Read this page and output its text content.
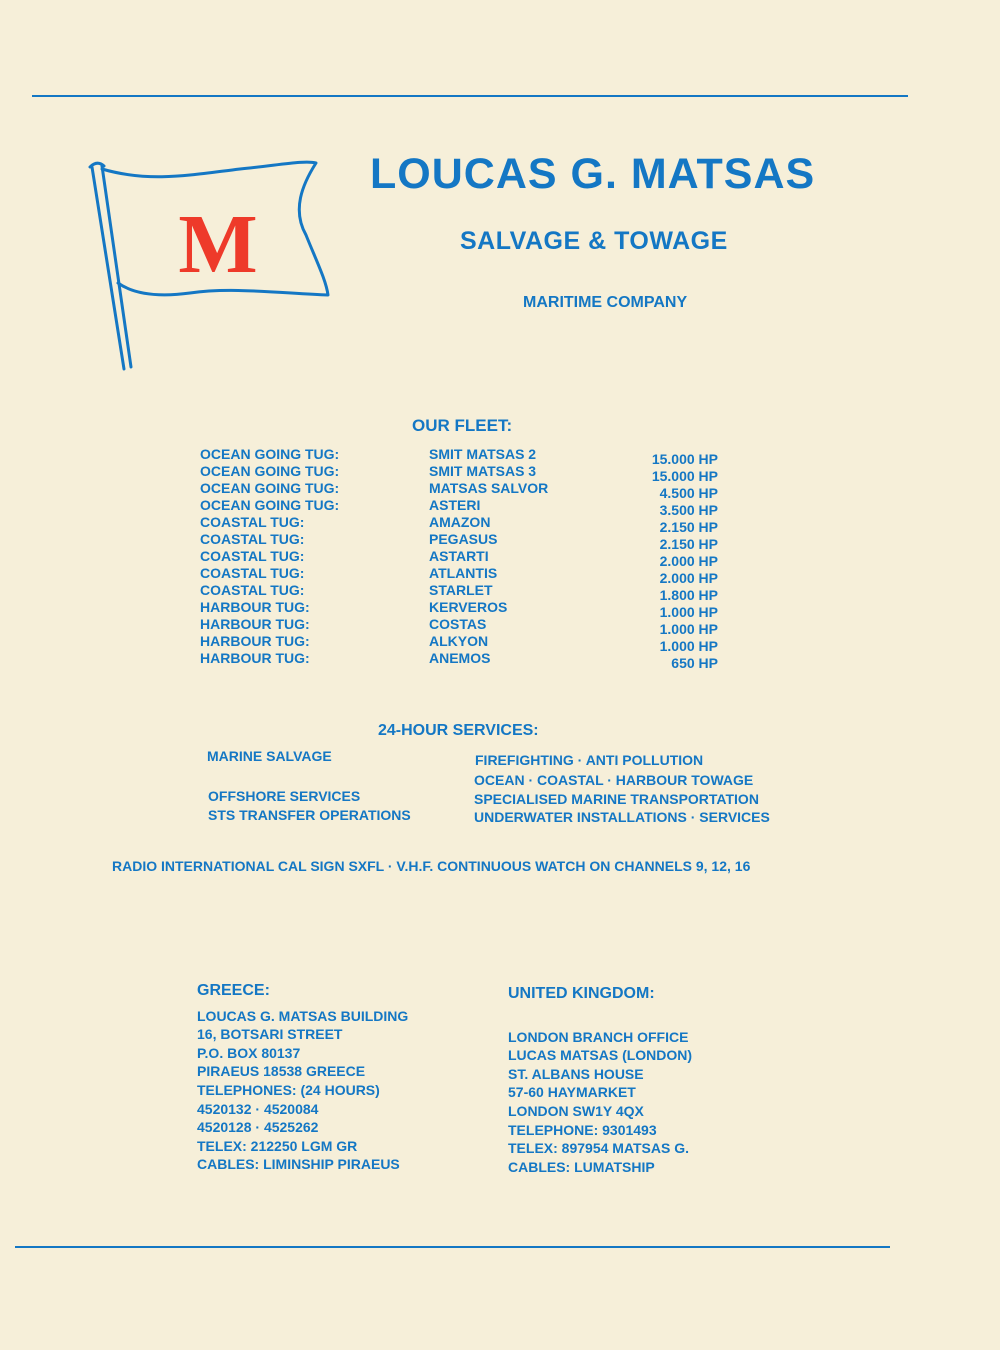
M
LOUCAS G. MATSAS
SALVAGE & TOWAGE
MARITIME COMPANY
OUR FLEET:
OCEAN GOING TUG:	SMIT MATSAS 2	15.000 HP
OCEAN GOING TUG:	SMIT MATSAS 3	15.000 HP
OCEAN GOING TUG:	MATSAS SALVOR	4.500 HP
OCEAN GOING TUG:	ASTERI	3.500 HP
COASTAL TUG:	AMAZON	2.150 HP
COASTAL TUG:	PEGASUS	2.150 HP
COASTAL TUG:	ASTARTI	2.000 HP
COASTAL TUG:	ATLANTIS	2.000 HP
COASTAL TUG:	STARLET	1.800 HP
HARBOUR TUG:	KERVEROS	1.000 HP
HARBOUR TUG:	COSTAS	1.000 HP
HARBOUR TUG:	ALKYON	1.000 HP
HARBOUR TUG:	ANEMOS	650 HP
24-HOUR SERVICES:
MARINE SALVAGE
OFFSHORE SERVICES
STS TRANSFER OPERATIONS
FIREFIGHTING · ANTI POLLUTION
OCEAN · COASTAL · HARBOUR TOWAGE
SPECIALISED MARINE TRANSPORTATION
UNDERWATER INSTALLATIONS · SERVICES
RADIO INTERNATIONAL CAL SIGN SXFL · V.H.F. CONTINUOUS WATCH ON CHANNELS 9, 12, 16
GREECE:
LOUCAS G. MATSAS BUILDING
16, BOTSARI STREET
P.O. BOX 80137
PIRAEUS 18538 GREECE
TELEPHONES: (24 HOURS)
4520132 · 4520084
4520128 · 4525262
TELEX: 212250 LGM GR
CABLES: LIMINSHIP PIRAEUS
UNITED KINGDOM:
LONDON BRANCH OFFICE
LUCAS MATSAS (LONDON)
ST. ALBANS HOUSE
57-60 HAYMARKET
LONDON SW1Y 4QX
TELEPHONE: 9301493
TELEX: 897954 MATSAS G.
CABLES: LUMATSHIP
